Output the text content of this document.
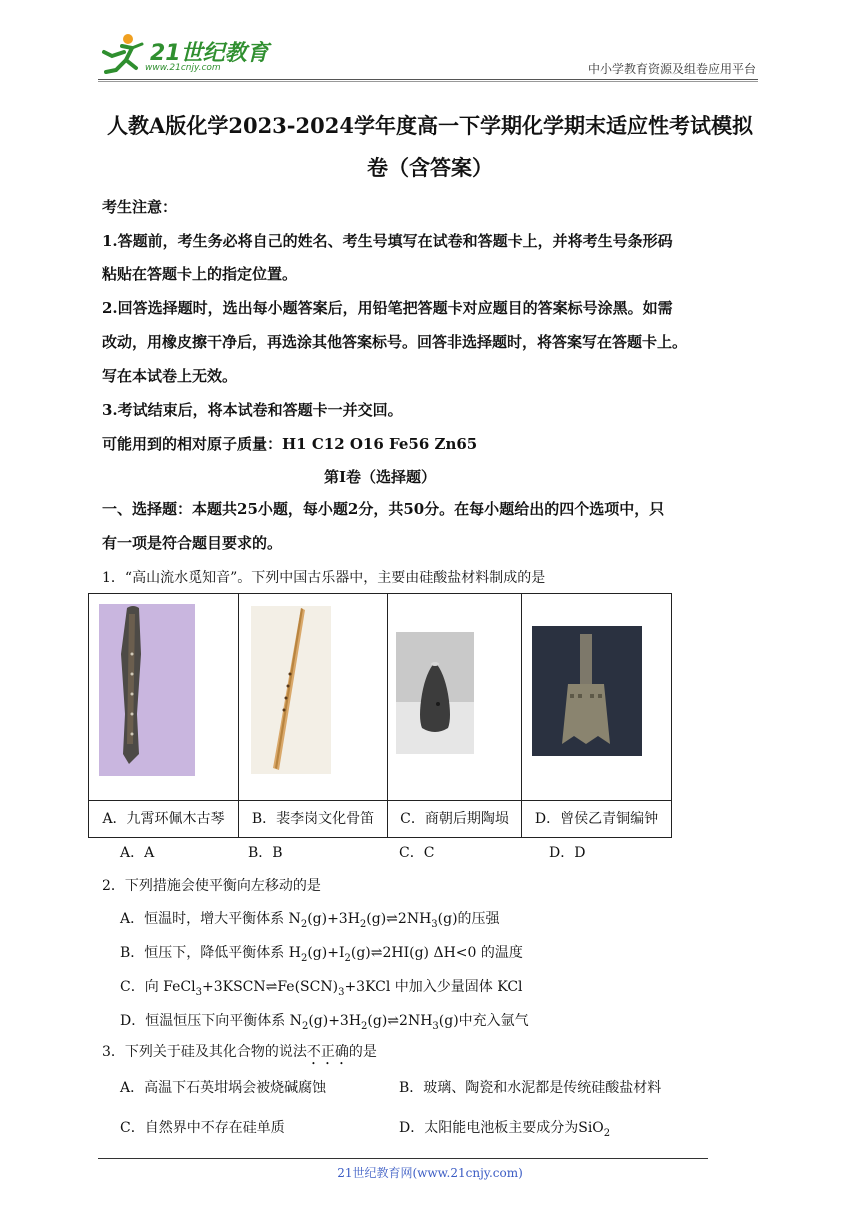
21世纪教育
www.21cnjy.com	中小学教育资源及组卷应用平台
人教A版化学2023-2024学年度高一下学期化学期末适应性考试模拟
卷（含答案）
考生注意：
1.答题前，考生务必将自己的姓名、考生号填写在试卷和答题卡上，并将考生号条形码
粘贴在答题卡上的指定位置。
2.回答选择题时，选出每小题答案后，用铅笔把答题卡对应题目的答案标号涂黑。如需
改动，用橡皮擦干净后，再选涂其他答案标号。回答非选择题时，将答案写在答题卡上。
写在本试卷上无效。
3.考试结束后，将本试卷和答题卡一并交回。
可能用到的相对原子质量：H1 C12 O16 Fe56 Zn65
第Ⅰ卷（选择题）
一、选择题：本题共25小题，每小题2分，共50分。在每小题给出的四个选项中，只
有一项是符合题目要求的。
1．“高山流水觅知音”。下列中国古乐器中，主要由硅酸盐材料制成的是

A．九霄环佩木古琴	B．裴李岗文化骨笛	C．商朝后期陶埙	D．曾侯乙青铜编钟
A．A	B．B	C．C	D．D
2．下列措施会使平衡向左移动的是
A．恒温时，增大平衡体系 $N_2(g)+3H_2(g)\rightleftharpoons 2NH_3(g)$的压强
B．恒压下，降低平衡体系 $H_2(g)+I_2(g)\rightleftharpoons 2HI(g)$ ΔH<0 的温度
C．向 $FeCl_3+3KSCN\rightleftharpoons Fe(SCN)_3+3KCl$ 中加入少量固体 KCl
D．恒温恒压下向平衡体系 $N_2(g)+3H_2(g)\rightleftharpoons 2NH_3(g)$中充入氩气
3．下列关于硅及其化合物的说法不正确的是
A．高温下石英坩埚会被烧碱腐蚀	B．玻璃、陶瓷和水泥都是传统硅酸盐材料
C．自然界中不存在硅单质	D．太阳能电池板主要成分为SiO$_2$
21世纪教育网(www.21cnjy.com)
